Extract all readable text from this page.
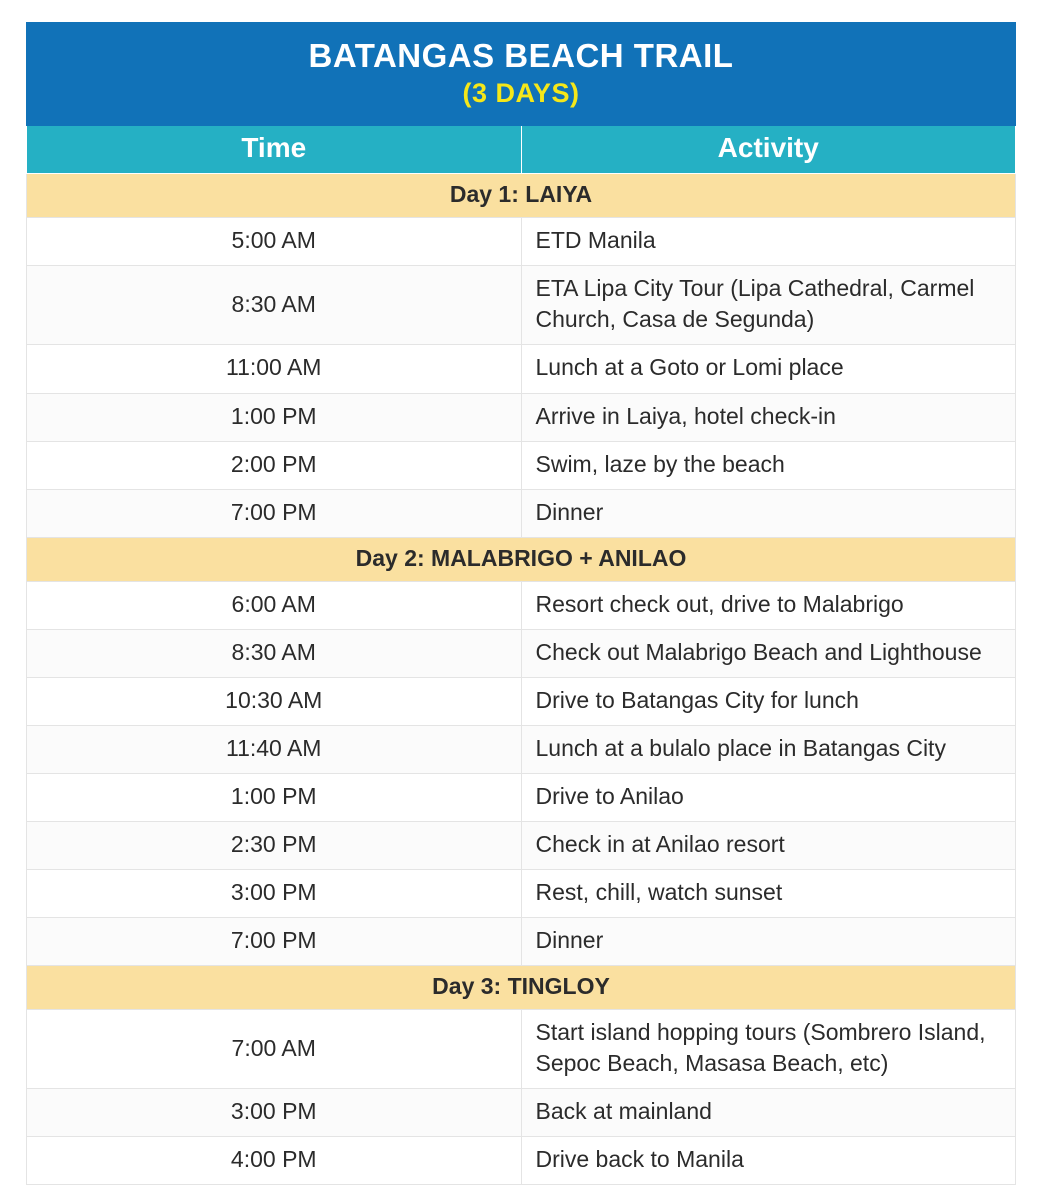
BATANGAS BEACH TRAIL
(3 DAYS)	

Time	Activity
Day 1: LAIYA	
5:00 AM	ETD Manila
8:30 AM	ETA Lipa City Tour (Lipa Cathedral, Carmel Church, Casa de Segunda)
11:00 AM	Lunch at a Goto or Lomi place
1:00 PM	Arrive in Laiya, hotel check-in
2:00 PM	Swim, laze by the beach
7:00 PM	Dinner
Day 2: MALABRIGO + ANILAO	
6:00 AM	Resort check out, drive to Malabrigo
8:30 AM	Check out Malabrigo Beach and Lighthouse
10:30 AM	Drive to Batangas City for lunch
11:40 AM	Lunch at a bulalo place in Batangas City
1:00 PM	Drive to Anilao
2:30 PM	Check in at Anilao resort
3:00 PM	Rest, chill, watch sunset
7:00 PM	Dinner
Day 3: TINGLOY	
7:00 AM	Start island hopping tours (Sombrero Island, Sepoc Beach, Masasa Beach, etc)
3:00 PM	Back at mainland
4:00 PM	Drive back to Manila
